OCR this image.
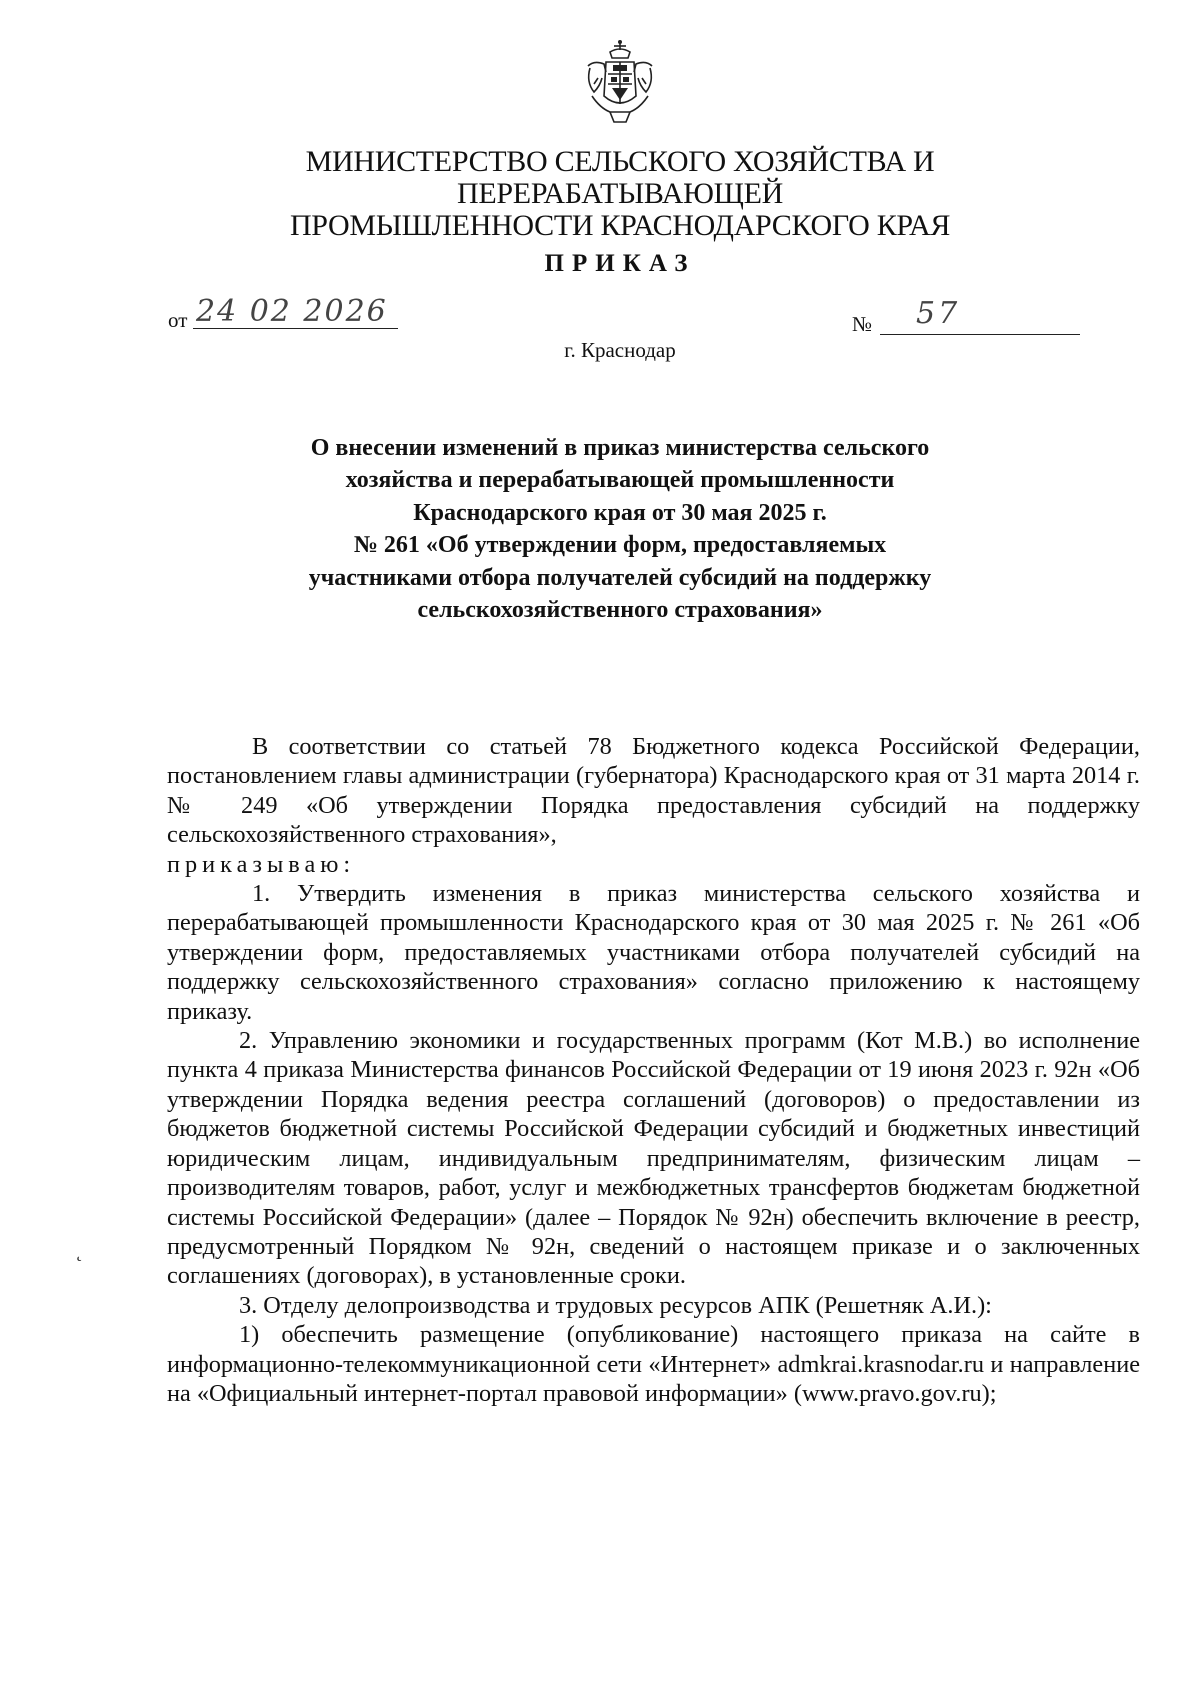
МИНИСТЕРСТВО СЕЛЬСКОГО ХОЗЯЙСТВА И ПЕРЕРАБАТЫВАЮЩЕЙ
ПРОМЫШЛЕННОСТИ КРАСНОДАРСКОГО КРАЯ
ПРИКАЗ
от 24 02 2026	№ 57
г. Краснодар
О внесении изменений в приказ министерства сельского
хозяйства и перерабатывающей промышленности
Краснодарского края от 30 мая 2025 г.
№ 261 «Об утверждении форм, предоставляемых
участниками отбора получателей субсидий на поддержку
сельскохозяйственного страхования»

В соответствии со статьей 78 Бюджетного кодекса Российской Федерации, постановлением главы администрации (губернатора) Краснодарского края от 31 марта 2014 г. № 249 «Об утверждении Порядка предоставления субсидий на поддержку сельскохозяйственного страхования»,

приказываю:

1. Утвердить изменения в приказ министерства сельского хозяйства и перерабатывающей промышленности Краснодарского края от 30 мая 2025 г. № 261 «Об утверждении форм, предоставляемых участниками отбора получателей субсидий на поддержку сельскохозяйственного страхования» согласно приложению к настоящему приказу.

2. Управлению экономики и государственных программ (Кот М.В.) во исполнение пункта 4 приказа Министерства финансов Российской Федерации от 19 июня 2023 г. 92н «Об утверждении Порядка ведения реестра соглашений (договоров) о предоставлении из бюджетов бюджетной системы Российской Федерации субсидий и бюджетных инвестиций юридическим лицам, индивидуальным предпринимателям, физическим лицам – производителям товаров, работ, услуг и межбюджетных трансфертов бюджетам бюджетной системы Российской Федерации» (далее – Порядок № 92н) обеспечить включение в реестр, предусмотренный Порядком № 92н, сведений о настоящем приказе и о заключенных соглашениях (договорах), в установленные сроки.

3. Отделу делопроизводства и трудовых ресурсов АПК (Решетняк А.И.):

1) обеспечить размещение (опубликование) настоящего приказа на сайте в информационно-телекоммуникационной сети «Интернет» admkrai.krasnodar.ru и направление на «Официальный интернет-портал правовой информации» (www.pravo.gov.ru);

˛
